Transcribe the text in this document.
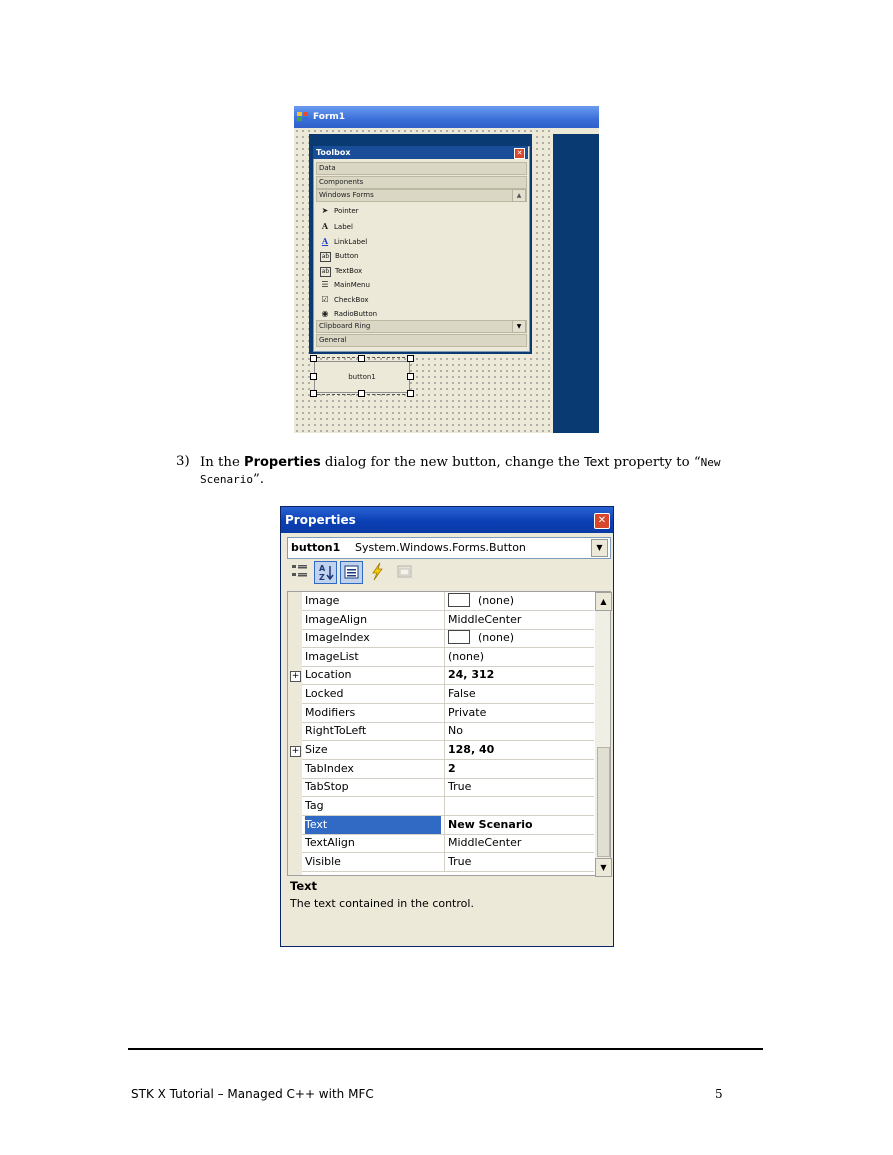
Form1
Toolbox	✕
Data
Components
Windows Forms	▲
➤ Pointer
A Label
A LinkLabel
ab Button
ab TextBox
☰ MainMenu
☑ CheckBox
◉ RadioButton
Clipboard Ring	▼
General
button1
3) In the Properties dialog for the new button, change the Text property to “New
Scenario”.
Properties	✕
button1 System.Windows.Forms.Button	▼
A
Z
Image	(none)
ImageAlign	MiddleCenter
ImageIndex	(none)
ImageList	(none)
Location	24, 312
Locked	False
Modifiers	Private
RightToLeft	No
Size	128, 40
TabIndex	2
TabStop	True
Tag
Text	New Scenario
TextAlign	MiddleCenter
Visible	True
+
+
▲
▼
Text
The text contained in the control.
STK X Tutorial – Managed C++ with MFC	5
